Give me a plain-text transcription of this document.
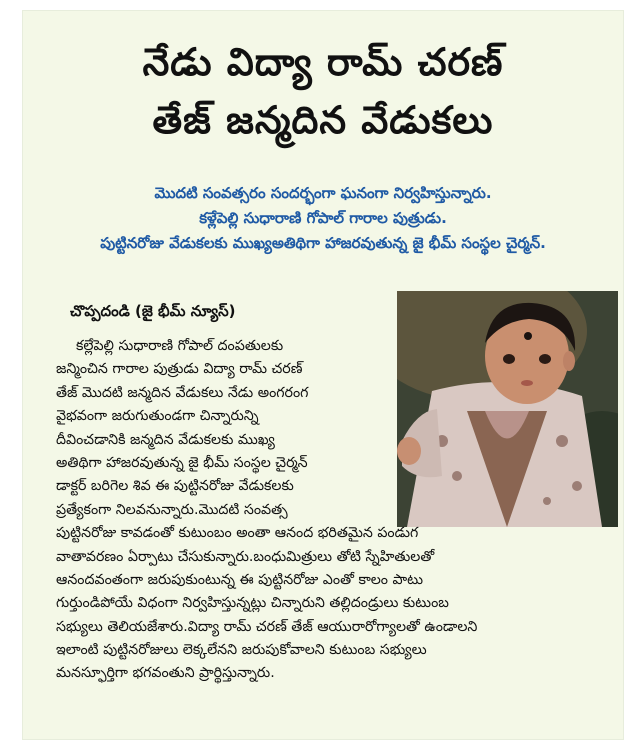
నేడు విద్యా రామ్ చరణ్
తేజ్ జన్మదిన వేడుకలు
మొదటి సంవత్సరం సందర్భంగా ఘనంగా నిర్వహిస్తున్నారు.
కళ్లేపెల్లి సుధారాణి గోపాల్ గారాల పుత్రుడు.
పుట్టినరోజు వేడుకలకు ముఖ్యఅతిథిగా హాజరవుతున్న జై భీమ్ సంస్థల చైర్మన్.
చొప్పదండి (జై భీమ్ న్యూస్)
కల్లేపెల్లి సుధారాణి గోపాల్ దంపతులకు
జన్మించిన గారాల పుత్రుడు విద్యా రామ్ చరణ్
తేజ్ మొదటి జన్మదిన వేడుకలు నేడు అంగరంగ
వైభవంగా జరుగుతుండగా చిన్నారున్ని
దీవించడానికి జన్మదిన వేడుకలకు ముఖ్య
అతిథిగా హాజరవుతున్న జై భీమ్ సంస్థల చైర్మన్
డాక్టర్ బరిగెల శివ ఈ పుట్టినరోజు వేడుకలకు
ప్రత్యేకంగా నిలవనున్నారు.మొదటి సంవత్స
పుట్టినరోజు కావడంతో కుటుంబం అంతా ఆనంద భరితమైన పండుగ
వాతావరణం ఏర్పాటు చేసుకున్నారు.బంధుమిత్రులు తోటి స్నేహితులతో
ఆనందవంతంగా జరుపుకుంటున్న ఈ పుట్టినరోజు ఎంతో కాలం పాటు
గుర్తుండిపోయే విధంగా నిర్వహిస్తున్నట్లు చిన్నారుని తల్లిదండ్రులు కుటుంబ
సభ్యులు తెలియజేశారు.విద్యా రామ్ చరణ్ తేజ్ ఆయురారోగ్యాలతో ఉండాలని
ఇలాంటి పుట్టినరోజులు లెక్కలేనని జరుపుకోవాలని కుటుంబ సభ్యులు
మనస్ఫూర్తిగా భగవంతుని ప్రార్థిస్తున్నారు.
